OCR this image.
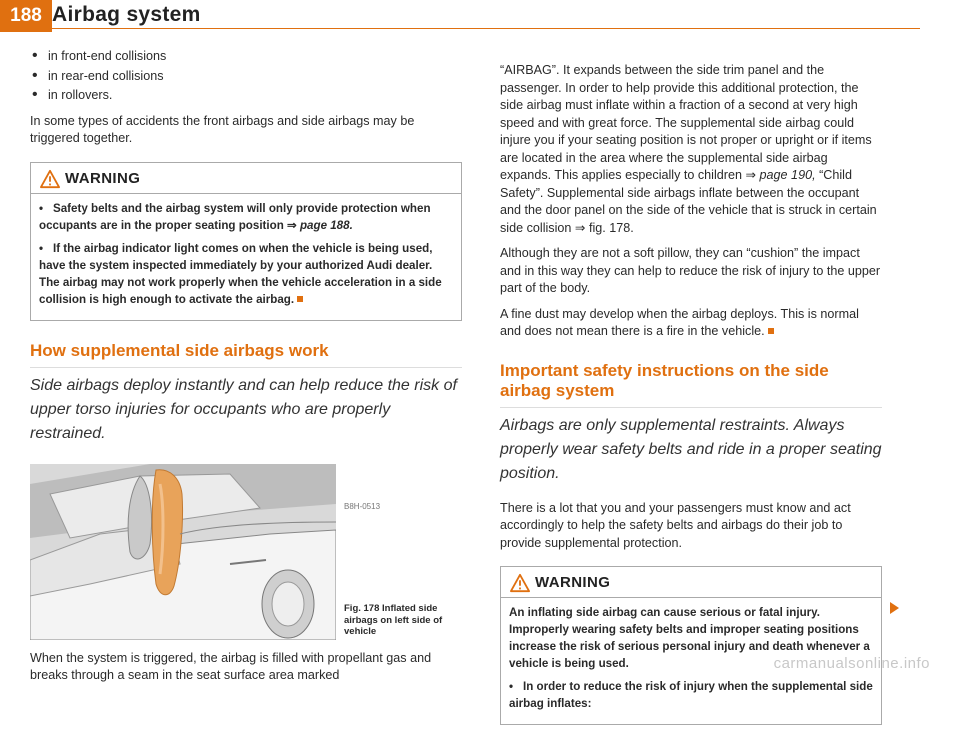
188 Airbag system
• in front-end collisions
• in rear-end collisions
• in rollovers.

In some types of accidents the front airbags and side airbags may be triggered together.

WARNING

• Safety belts and the airbag system will only provide protection when occupants are in the proper seating position ⇒ page 188.

• If the airbag indicator light comes on when the vehicle is being used, have the system inspected immediately by your authorized Audi dealer. The airbag may not work properly when the vehicle acceleration in a side collision is high enough to activate the airbag.

How supplemental side airbags work
Side airbags deploy instantly and can help reduce the risk of upper torso injuries for occupants who are properly restrained.
B8H-0513
Fig. 178 Inflated side airbags on left side of vehicle

When the system is triggered, the airbag is filled with propellant gas and breaks through a seam in the seat surface area marked

“AIRBAG”. It expands between the side trim panel and the passenger. In order to help provide this additional protection, the side airbag must inflate within a fraction of a second at very high speed and with great force. The supplemental side airbag could injure you if your seating position is not proper or upright or if items are located in the area where the supplemental side airbag expands. This applies especially to children ⇒ page 190, “Child Safety”. Supplemental side airbags inflate between the occupant and the door panel on the side of the vehicle that is struck in certain side collision ⇒ fig. 178.

Although they are not a soft pillow, they can “cushion” the impact and in this way they can help to reduce the risk of injury to the upper part of the body.

A fine dust may develop when the airbag deploys. This is normal and does not mean there is a fire in the vehicle.

Important safety instructions on the side airbag system
Airbags are only supplemental restraints. Always properly wear safety belts and ride in a proper seating position.

There is a lot that you and your passengers must know and act accordingly to help the safety belts and airbags do their job to provide supplemental protection.

WARNING

An inflating side airbag can cause serious or fatal injury. Improperly wearing safety belts and improper seating positions increase the risk of serious personal injury and death whenever a vehicle is being used.

• In order to reduce the risk of injury when the supplemental side airbag inflates:

carmanualsonline.info
